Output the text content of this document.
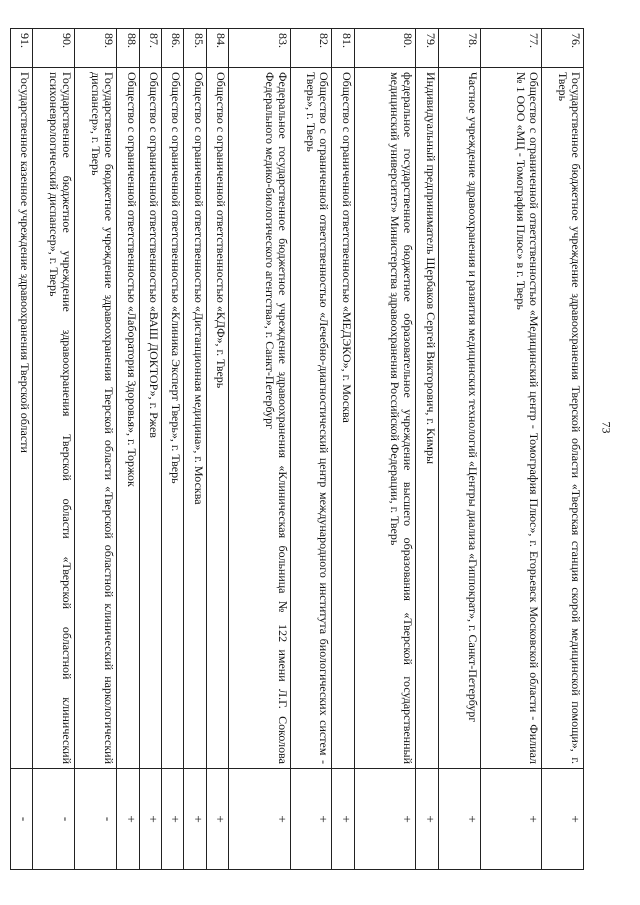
73
76.	Государственное бюджетное учреждение здравоохранения Тверской области «Тверская станция скорой медицинской помощи», г. Тверь	+
77.	Общество с ограниченной ответственностью «Медицинский центр - Томография Плюс», г. Егорьевск Московской области - Филиал № 1 ООО «МЦ - Томография Плюс» в г. Тверь	+
78.	Частное учреждение здравоохранения и развития медицинских технологий «Центры диализа «Гиппократ», г. Санкт-Петербург	+
79.	Индивидуальный предприниматель Щербаков Сергей Викторович, г. Кимры	+
80.	федеральное государственное бюджетное образовательное учреждение высшего образования «Тверской государственный медицинский университет» Министерства здравоохранения Российской Федерации, г. Тверь	+
81.	Общество с ограниченной ответственностью «МЕДЭКО», г. Москва	+
82.	Общество с ограниченной ответственностью «Лечебно-диагностический центр международного института биологических систем - Тверь», г. Тверь	+
83.	Федеральное государственное бюджетное учреждение здравоохранения «Клиническая больница № 122 имени Л.Г. Соколова Федерального медико-биологического агентства», г. Санкт-Петербург	+
84.	Общество с ограниченной ответственностью «КДФ», г. Тверь	+
85.	Общество с ограниченной ответственностью «Дистанционная медицина», г. Москва	+
86.	Общество с ограниченной ответственностью «Клиника Эксперт Тверь», г. Тверь	+
87.	Общество с ограниченной ответственностью «ВАШ ДОКТОР», г. Ржев	+
88.	Общество с ограниченной ответственностью «Лаборатория Здоровья», г. Торжок	+
89.	Государственное бюджетное учреждение здравоохранения Тверской области «Тверской областной клинический наркологический диспансер», г. Тверь	-
90.	Государственное бюджетное учреждение здравоохранения Тверской области «Тверской областной клинический психоневрологический диспансер», г. Тверь	-
91.	Государственное казенное учреждение здравоохранения Тверской области	-
